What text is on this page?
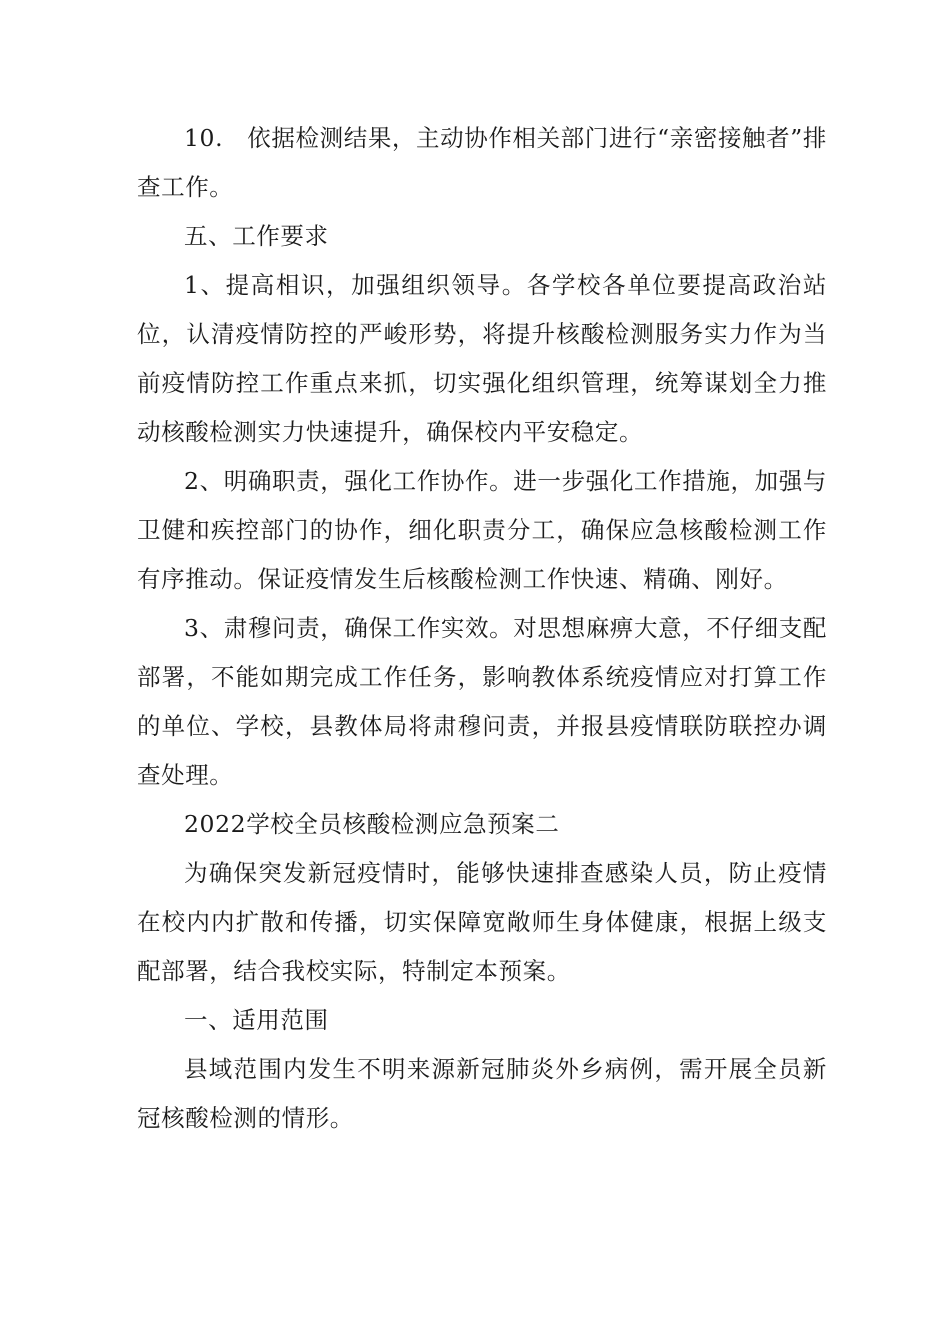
10.　依据检测结果，主动协作相关部门进行“亲密接触者”排查工作。

五、工作要求

1、提高相识，加强组织领导。各学校各单位要提高政治站位，认清疫情防控的严峻形势，将提升核酸检测服务实力作为当前疫情防控工作重点来抓，切实强化组织管理，统筹谋划全力推动核酸检测实力快速提升，确保校内平安稳定。

2、明确职责，强化工作协作。进一步强化工作措施，加强与卫健和疾控部门的协作，细化职责分工，确保应急核酸检测工作有序推动。保证疫情发生后核酸检测工作快速、精确、刚好。

3、肃穆问责，确保工作实效。对思想麻痹大意，不仔细支配部署，不能如期完成工作任务，影响教体系统疫情应对打算工作的单位、学校，县教体局将肃穆问责，并报县疫情联防联控办调查处理。

2022学校全员核酸检测应急预案二

为确保突发新冠疫情时，能够快速排查感染人员，防止疫情在校内内扩散和传播，切实保障宽敞师生身体健康，根据上级支配部署，结合我校实际，特制定本预案。

一、适用范围

县域范围内发生不明来源新冠肺炎外乡病例，需开展全员新冠核酸检测的情形。
